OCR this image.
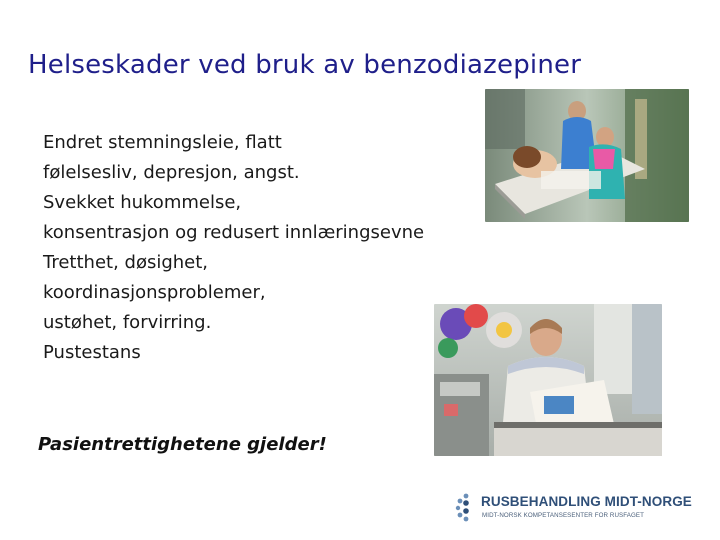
Helseskader ved bruk av benzodiazepiner
Endret stemningsleie, flatt
følelsesliv, depresjon, angst.
Svekket hukommelse,
konsentrasjon og redusert innlæringsevne
Tretthet, døsighet,
koordinasjonsproblemer,
ustøhet, forvirring.
Pustestans
Pasientrettighetene gjelder!
RUSBEHANDLING MIDT-NORGE
MIDT-NORSK KOMPETANSESENTER FOR RUSFAGET
